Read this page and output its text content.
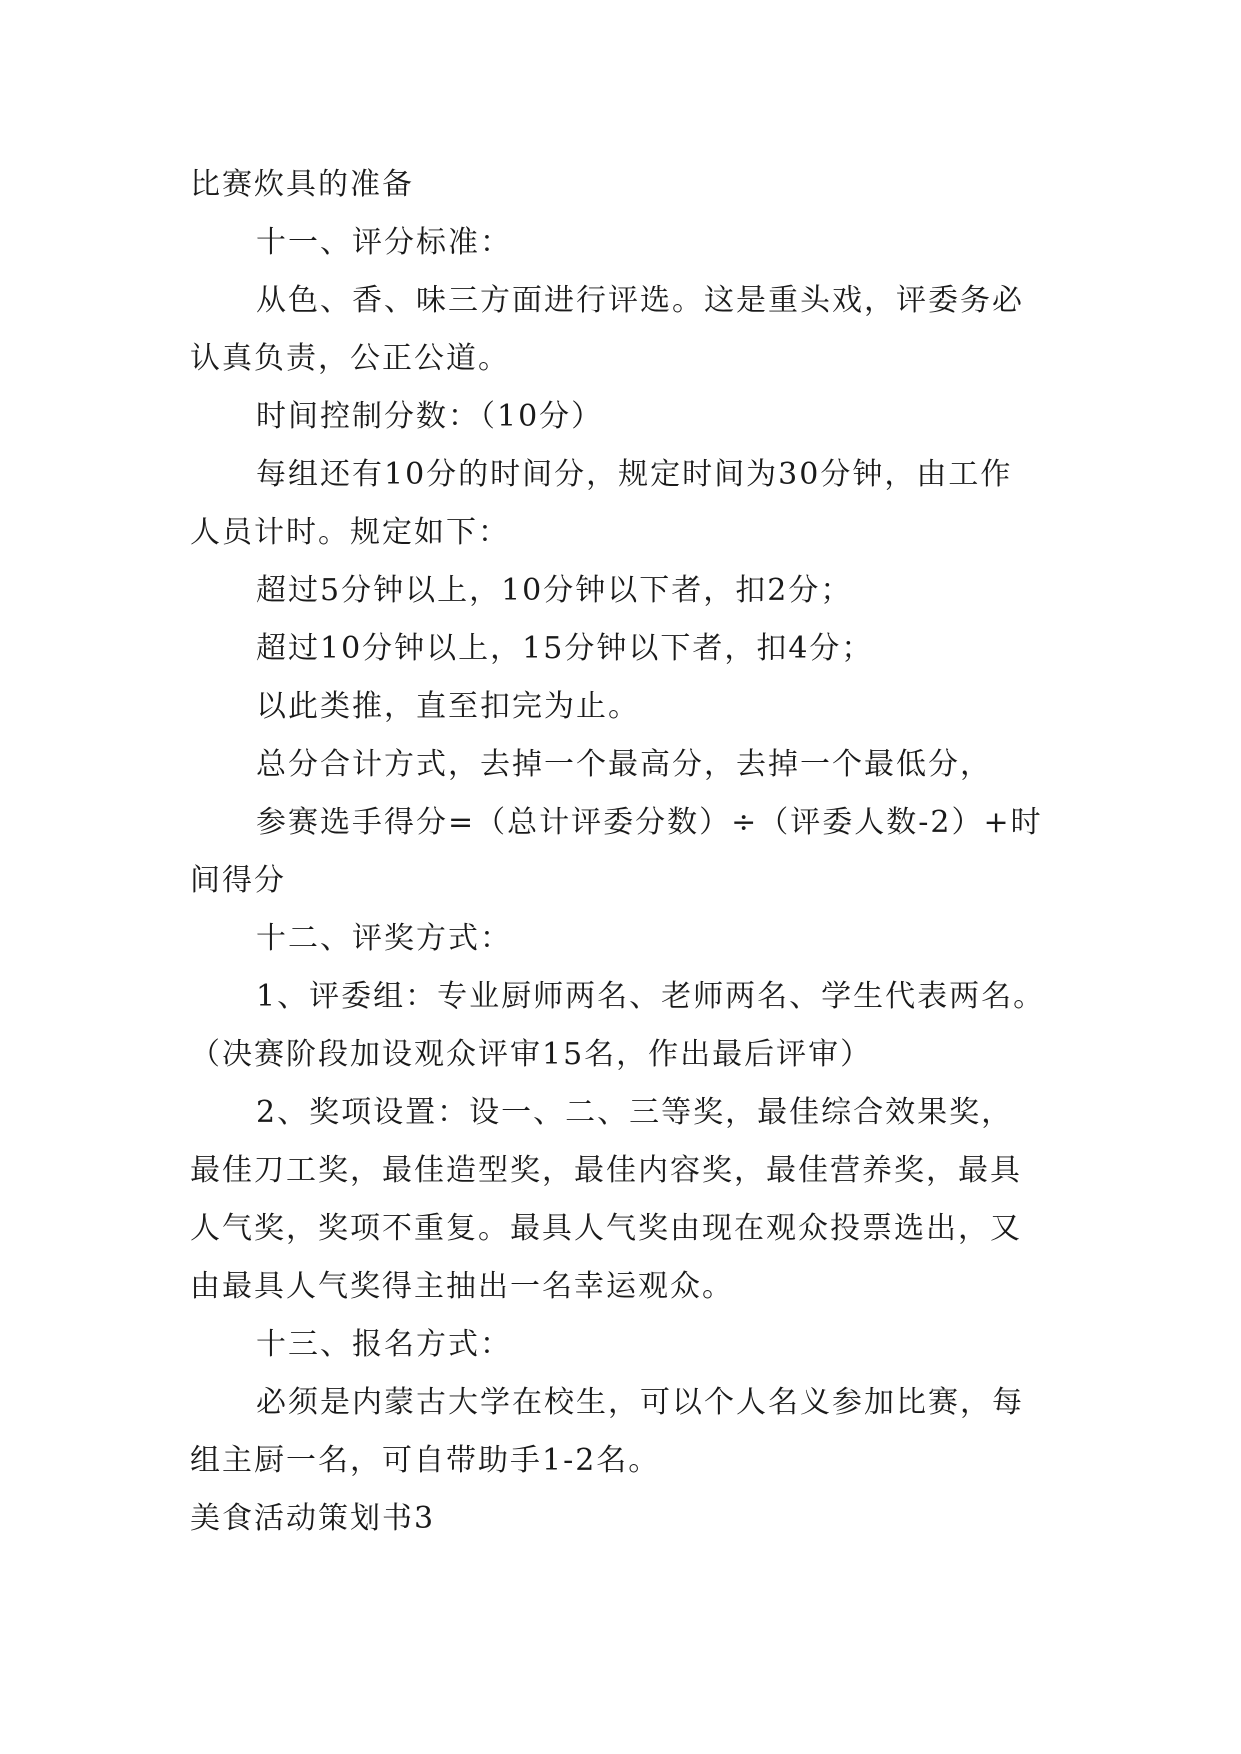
比赛炊具的准备

十一、评分标准：

从色、香、味三方面进行评选。这是重头戏，评委务必

认真负责，公正公道。

时间控制分数：（10分）

每组还有10分的时间分，规定时间为30分钟，由工作

人员计时。规定如下：

超过5分钟以上，10分钟以下者，扣2分；

超过10分钟以上，15分钟以下者，扣4分；

以此类推，直至扣完为止。

总分合计方式，去掉一个最高分，去掉一个最低分，

参赛选手得分=（总计评委分数）÷（评委人数-2）+时

间得分

十二、评奖方式：

1、评委组：专业厨师两名、老师两名、学生代表两名。

（决赛阶段加设观众评审15名，作出最后评审）

2、奖项设置：设一、二、三等奖，最佳综合效果奖，

最佳刀工奖，最佳造型奖，最佳内容奖，最佳营养奖，最具

人气奖，奖项不重复。最具人气奖由现在观众投票选出，又

由最具人气奖得主抽出一名幸运观众。

十三、报名方式：

必须是内蒙古大学在校生，可以个人名义参加比赛，每

组主厨一名，可自带助手1-2名。

美食活动策划书3
